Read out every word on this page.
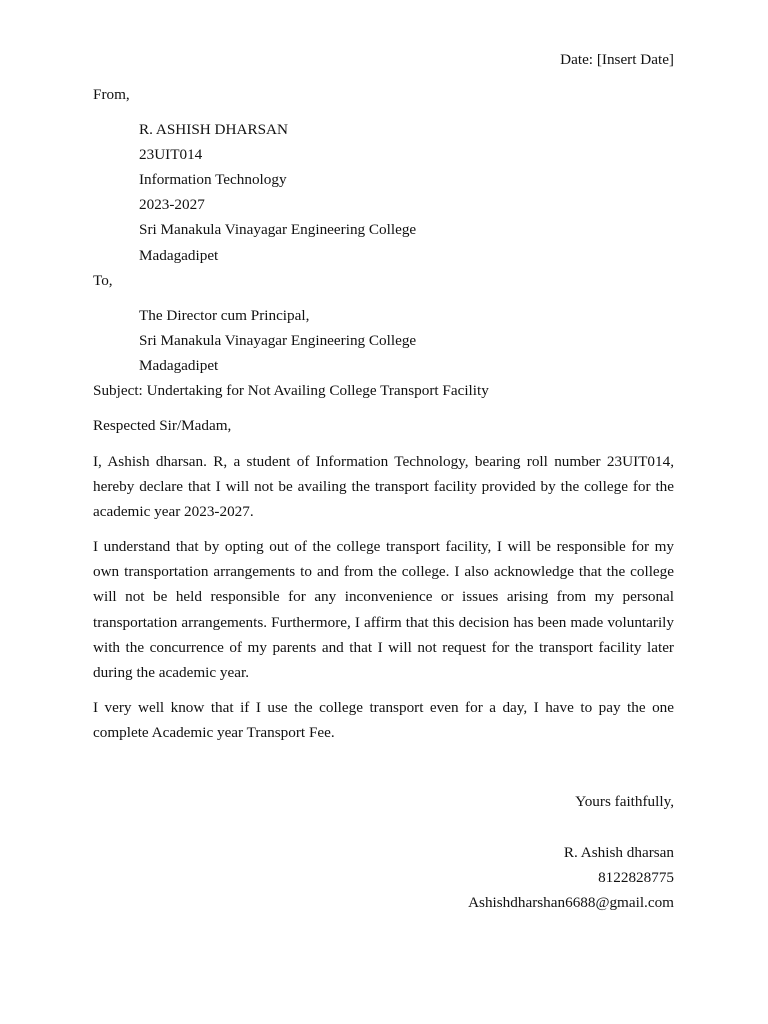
Date: [Insert Date]
From,
R. ASHISH DHARSAN
23UIT014
Information Technology
2023-2027
Sri Manakula Vinayagar Engineering College
Madagadipet
To,
The Director cum Principal,
Sri Manakula Vinayagar Engineering College
Madagadipet
Subject: Undertaking for Not Availing College Transport Facility
Respected Sir/Madam,

I, Ashish dharsan. R, a student of Information Technology, bearing roll number 23UIT014, hereby declare that I will not be availing the transport facility provided by the college for the academic year 2023-2027.

I understand that by opting out of the college transport facility, I will be responsible for my own transportation arrangements to and from the college. I also acknowledge that the college will not be held responsible for any inconvenience or issues arising from my personal transportation arrangements. Furthermore, I affirm that this decision has been made voluntarily with the concurrence of my parents and that I will not request for the transport facility later during the academic year.

I very well know that if I use the college transport even for a day, I have to pay the one complete Academic year Transport Fee.

Yours faithfully,
R. Ashish dharsan
8122828775
Ashishdharshan6688@gmail.com
